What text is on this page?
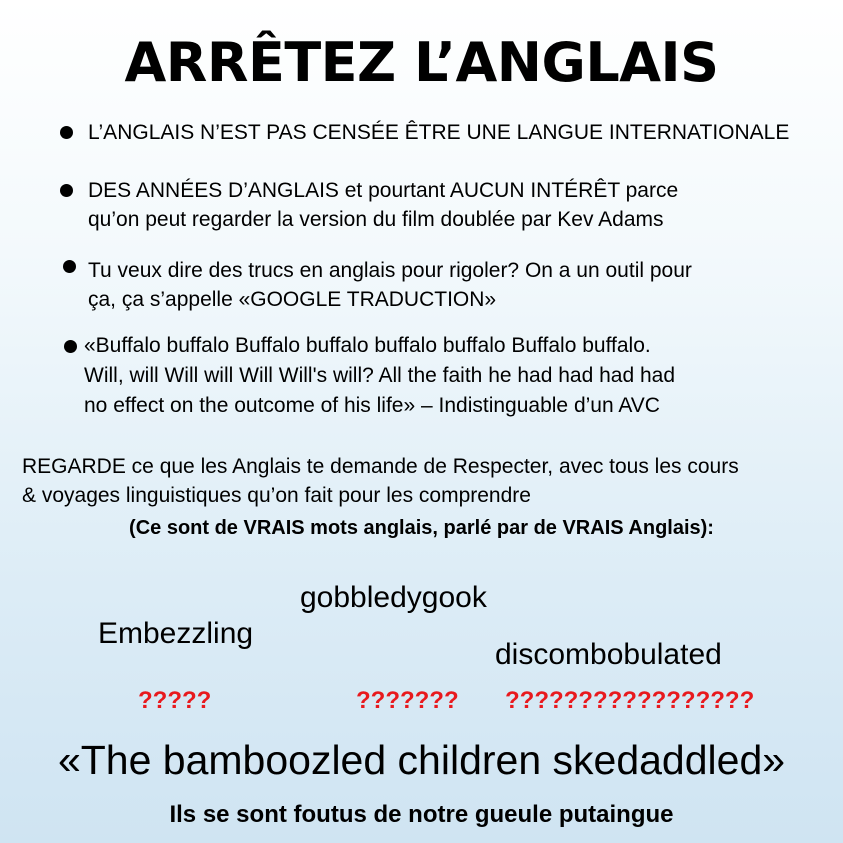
ARRÊTEZ L’ANGLAIS
L’ANGLAIS N’EST PAS CENSÉE ÊTRE UNE LANGUE INTERNATIONALE
DES ANNÉES D’ANGLAIS et pourtant AUCUN INTÉRÊT parce
qu’on peut regarder la version du film doublée par Kev Adams
Tu veux dire des trucs en anglais pour rigoler? On a un outil pour
ça, ça s’appelle «GOOGLE TRADUCTION»
«Buffalo buffalo Buffalo buffalo buffalo buffalo Buffalo buffalo.
Will, will Will will Will Will's will? All the faith he had had had had
no effect on the outcome of his life» – Indistinguable d’un AVC
REGARDE ce que les Anglais te demande de Respecter, avec tous les cours
& voyages linguistiques qu’on fait pour les comprendre
(Ce sont de VRAIS mots anglais, parlé par de VRAIS Anglais):
gobbledygook
Embezzling
discombobulated
?????	??????? ?????????????????
«The bamboozled children skedaddled»
Ils se sont foutus de notre gueule putaingue
